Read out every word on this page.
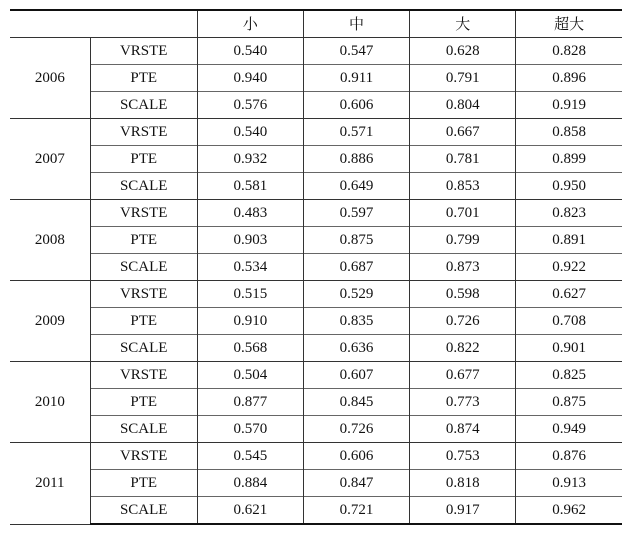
		小	中	大	超大
2006	VRSTE	0.540	0.547	0.628	0.828
	PTE	0.940	0.911	0.791	0.896
	SCALE	0.576	0.606	0.804	0.919
2007	VRSTE	0.540	0.571	0.667	0.858
	PTE	0.932	0.886	0.781	0.899
	SCALE	0.581	0.649	0.853	0.950
2008	VRSTE	0.483	0.597	0.701	0.823
	PTE	0.903	0.875	0.799	0.891
	SCALE	0.534	0.687	0.873	0.922
2009	VRSTE	0.515	0.529	0.598	0.627
	PTE	0.910	0.835	0.726	0.708
	SCALE	0.568	0.636	0.822	0.901
2010	VRSTE	0.504	0.607	0.677	0.825
	PTE	0.877	0.845	0.773	0.875
	SCALE	0.570	0.726	0.874	0.949
2011	VRSTE	0.545	0.606	0.753	0.876
	PTE	0.884	0.847	0.818	0.913
	SCALE	0.621	0.721	0.917	0.962
